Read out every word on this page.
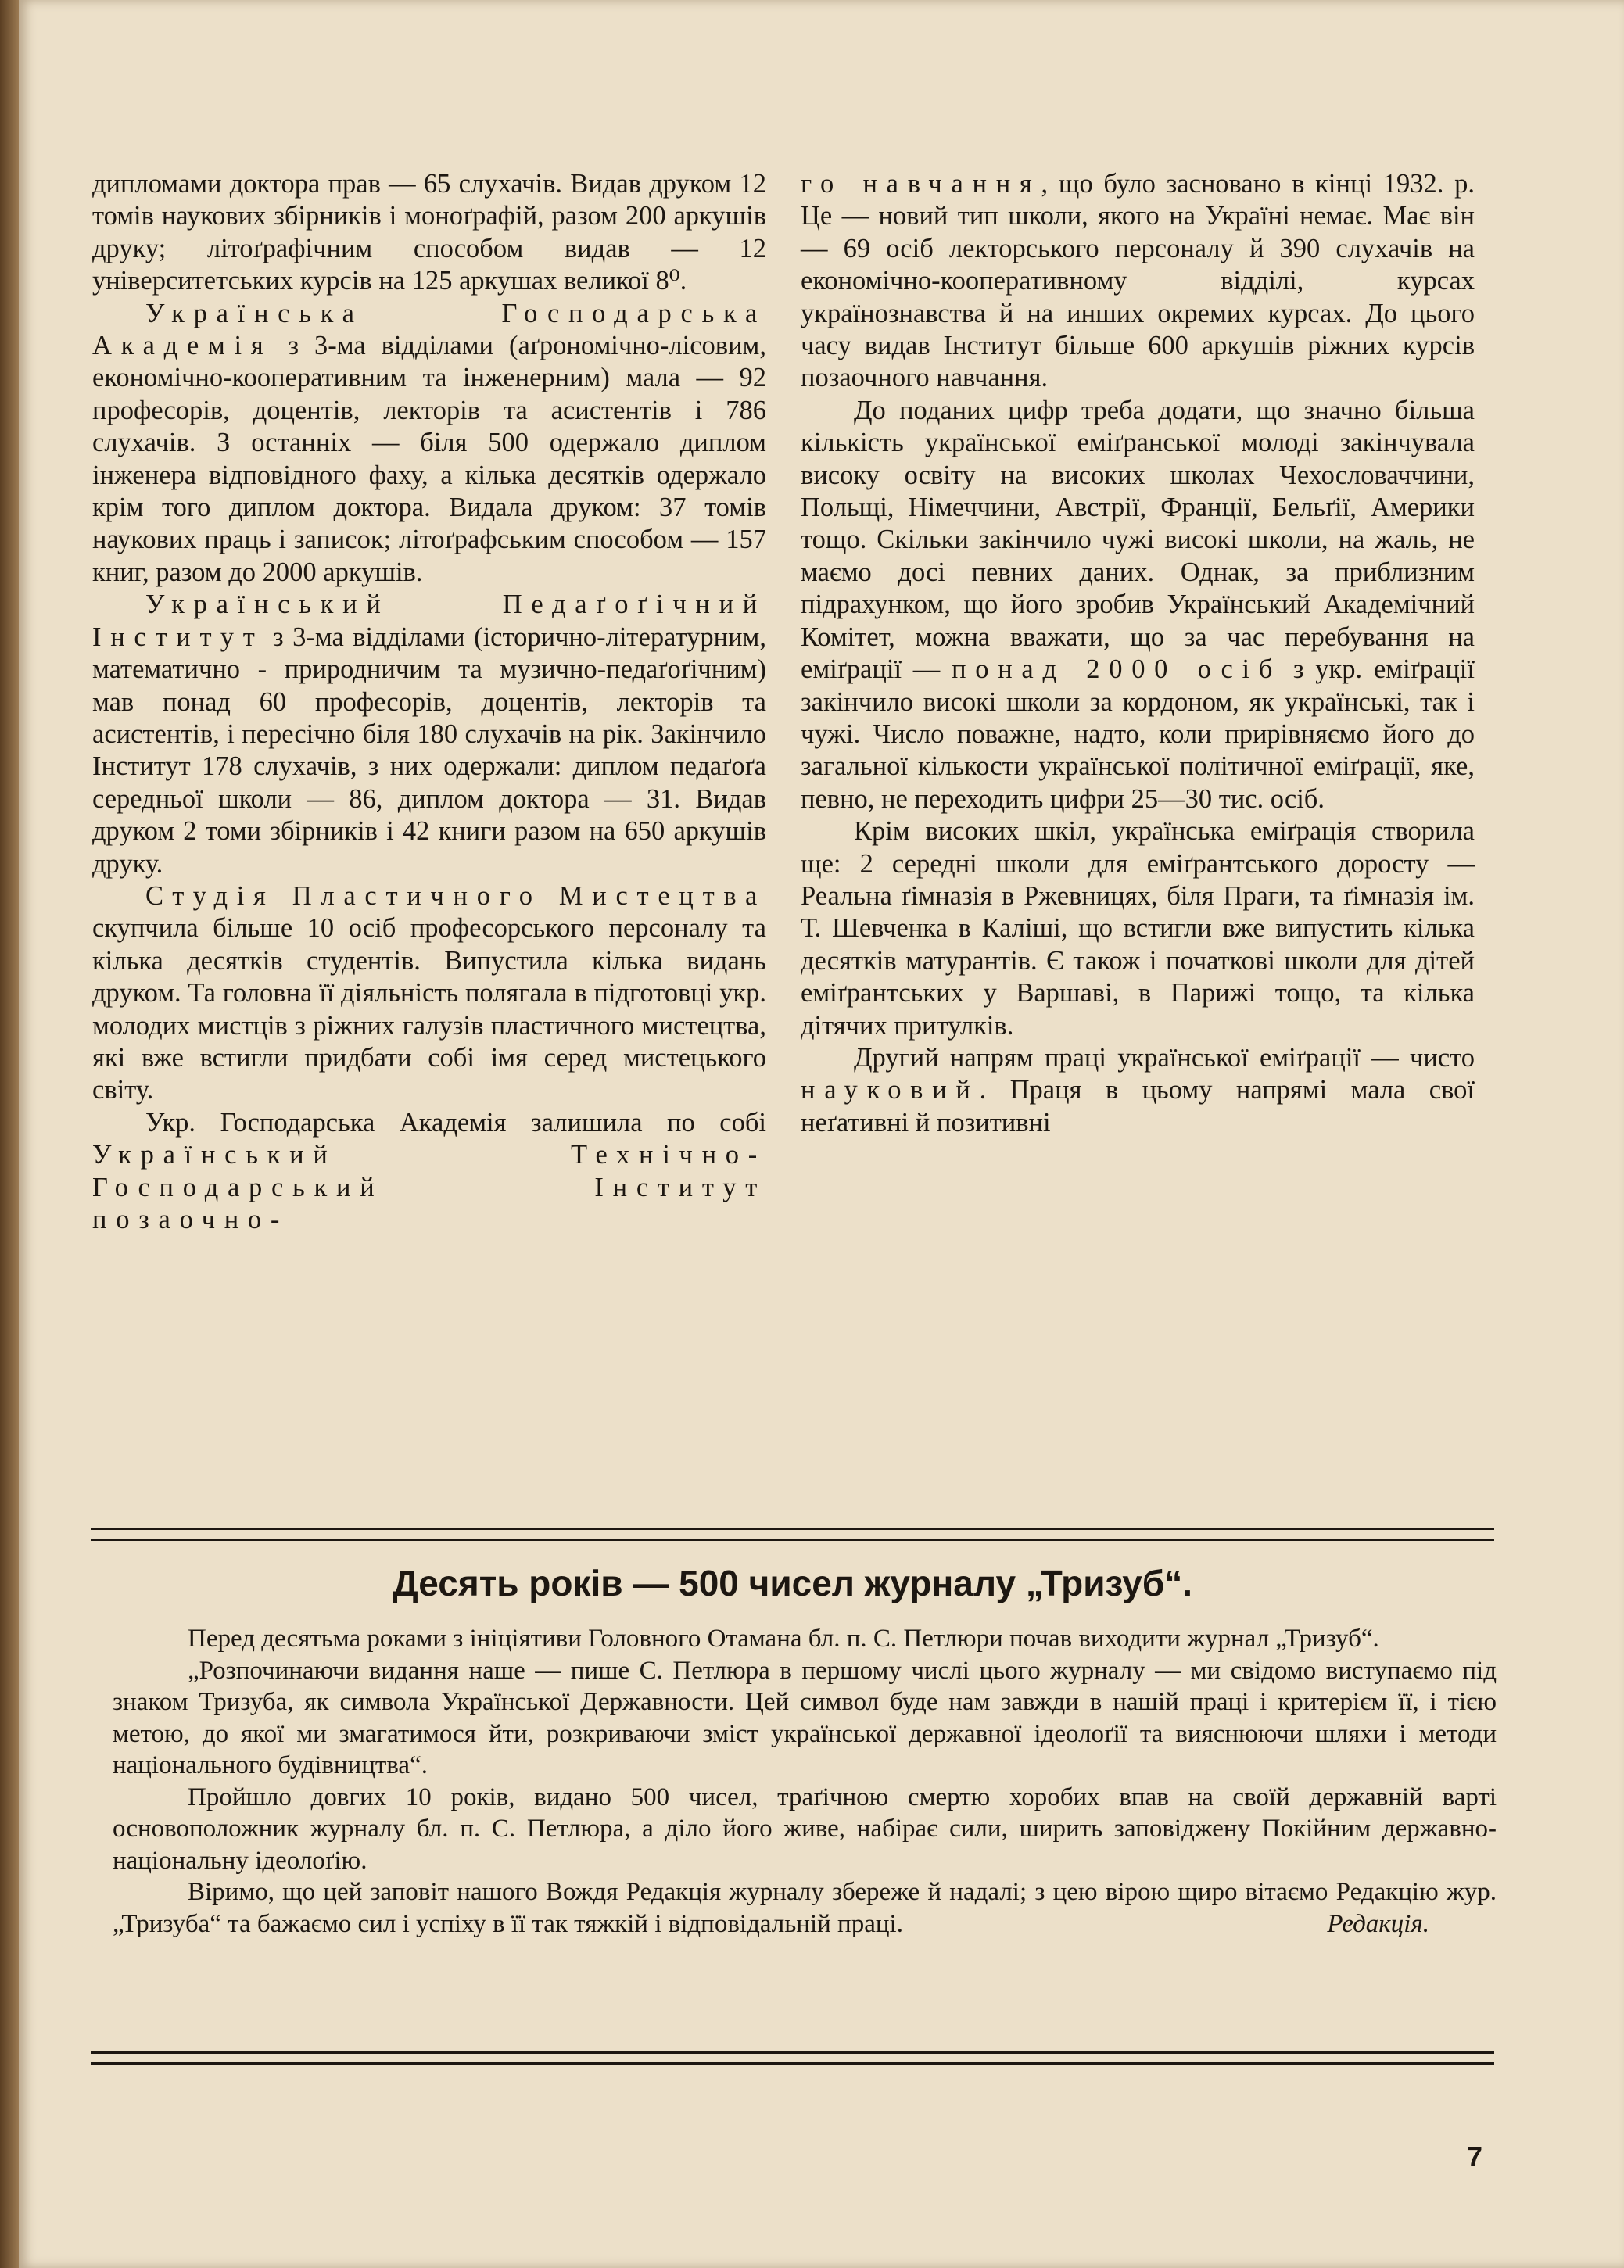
дипломами доктора прав — 65 слухачів. Видав друком 12 томів наукових збірників і моноґрафій, разом 200 аркушів друку; літоґрафічним способом видав — 12 університетських курсів на 125 аркушах великої 8⁰.

Українська Господарська Академія з 3-ма відділами (аґрономічно-лісовим, економічно-кооперативним та інженерним) мала — 92 професорів, доцентів, лекторів та асистентів і 786 слухачів. З останніх — біля 500 одержало диплом інженера відповідного фаху, а кілька десятків одержало крім того диплом доктора. Видала друком: 37 томів наукових праць і записок; літоґрафським способом — 157 книг, разом до 2000 аркушів.

Український Педаґоґічний Інститут з 3-ма відділами (історично-літературним, математично - природничим та музично-педаґоґічним) мав понад 60 професорів, доцентів, лекторів та асистентів, і пересічно біля 180 слухачів на рік. Закінчило Інститут 178 слухачів, з них одержали: диплом педаґоґа середньої школи — 86, диплом доктора — 31. Видав друком 2 томи збірників і 42 книги разом на 650 аркушів друку.

Студія Пластичного Мистецтва скупчила більше 10 осіб професорського персоналу та кілька десятків студентів. Випустила кілька видань друком. Та головна її діяльність полягала в підготовці укр. молодих мистців з ріжних галузів пластичного мистецтва, які вже встигли придбати собі імя серед мистецького світу.

Укр. Господарська Академія залишила по собі Український Технічно-Господарський Інститут позаочно-

го навчання, що було засновано в кінці 1932. р. Це — новий тип школи, якого на Україні немає. Має він — 69 осіб лекторського персоналу й 390 слухачів на економічно-кооперативному відділі, курсах українознавства й на инших окремих курсах. До цього часу видав Інститут більше 600 аркушів ріжних курсів позаочного навчання.

До поданих цифр треба додати, що значно більша кількість української еміґранської молоді закінчувала високу освіту на високих школах Чехословаччини, Польщі, Німеччини, Австрії, Франції, Бельґії, Америки тощо. Скільки закінчило чужі високі школи, на жаль, не маємо досі певних даних. Однак, за приблизним підрахунком, що його зробив Український Академічний Комітет, можна вважати, що за час перебування на еміґрації — понад 2000 осіб з укр. еміґрації закінчило високі школи за кордоном, як українські, так і чужі. Число поважне, надто, коли прирівняємо його до загальної кількости української політичної еміґрації, яке, певно, не переходить цифри 25—30 тис. осіб.

Крім високих шкіл, українська еміґрація створила ще: 2 середні школи для еміґрантського доросту — Реальна ґімназія в Ржевницях, біля Праги, та ґімназія ім. Т. Шевченка в Каліші, що встигли вже випустить кілька десятків матурантів. Є також і початкові школи для дітей еміґрантських у Варшаві, в Парижі тощо, та кілька дітячих притулків.

Другий напрям праці української еміґрації — чисто науковий. Праця в цьому напрямі мала свої неґативні й позитивні

Десять років — 500 чисел журналу „Тризуб“.

Перед десятьма роками з ініціятиви Головного Отамана бл. п. С. Петлюри почав виходити журнал „Тризуб“.

„Розпочинаючи видання наше — пише С. Петлюра в першому числі цього журналу — ми свідомо виступаємо під знаком Тризуба, як символа Української Державности. Цей символ буде нам завжди в нашій праці і критерієм її, і тією метою, до якої ми змагатимося йти, розкриваючи зміст української державної ідеолоґії та вияснюючи шляхи і методи національного будівництва“.

Пройшло довгих 10 років, видано 500 чисел, траґічною смертю хоробих впав на своїй державній варті основоположник журналу бл. п. С. Петлюра, а діло його живе, набірає сили, ширить заповіджену Покійним державно-національну ідеолоґію.

Віримо, що цей заповіт нашого Вождя Редакція журналу збереже й надалі; з цею вірою щиро вітаємо Редакцію жур. „Тризуба“ та бажаємо сил і успіху в її так тяжкій і відповідальній праці.	Редакція.

7
